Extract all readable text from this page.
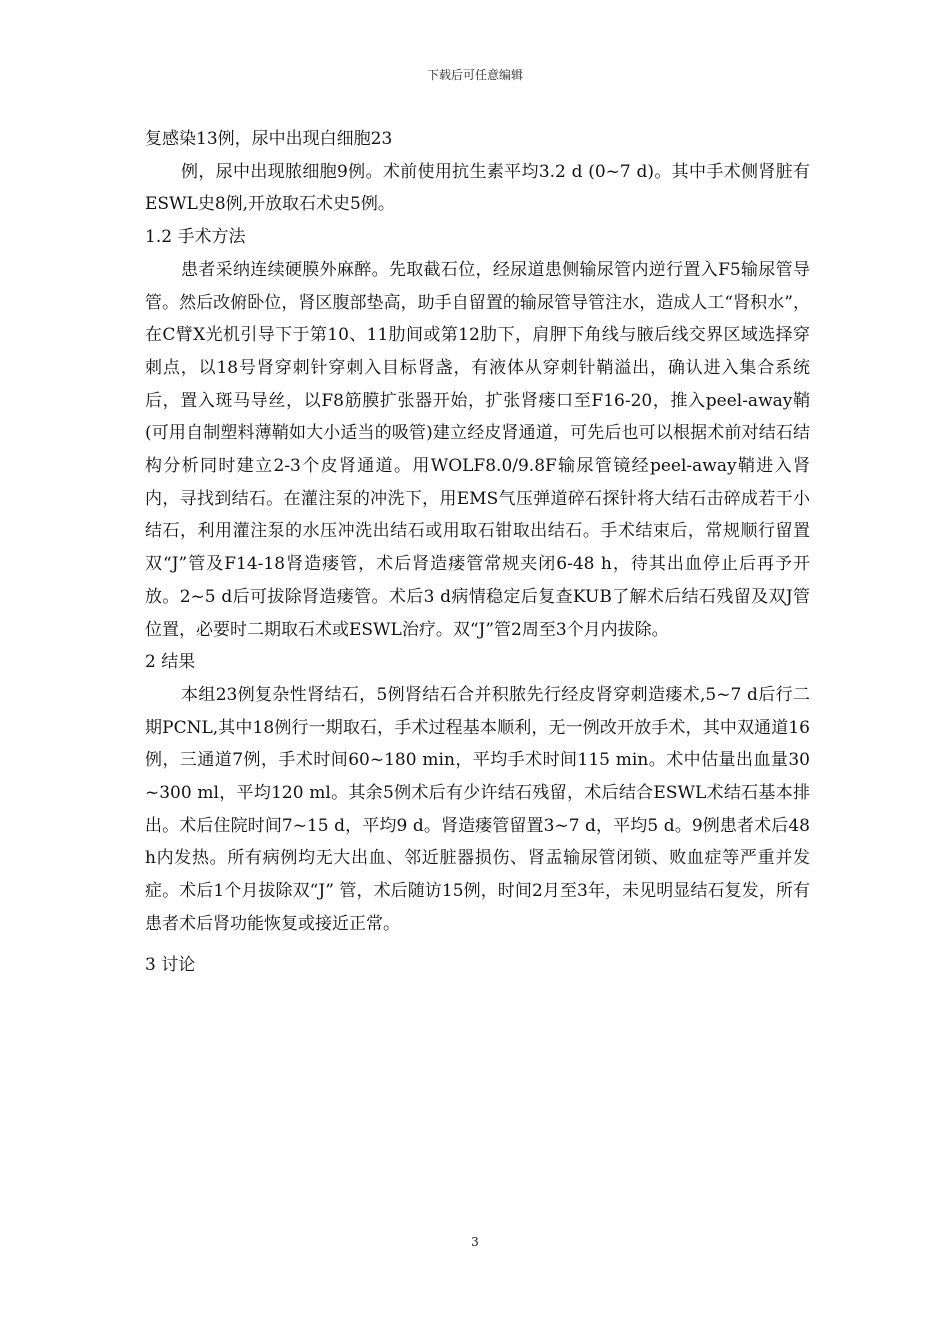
下载后可任意编辑

复感染13例，尿中出现白细胞23

例，尿中出现脓细胞9例。术前使用抗生素平均3.2 d (0~7 d)。其中手术侧肾脏有ESWL史8例,开放取石术史5例。

1.2 手术方法

患者采纳连续硬膜外麻醉。先取截石位，经尿道患侧输尿管内逆行置入F5输尿管导管。然后改俯卧位，肾区腹部垫高，助手自留置的输尿管导管注水，造成人工“肾积水”，在C臂X光机引导下于第10、11肋间或第12肋下，肩胛下角线与腋后线交界区域选择穿刺点，以18号肾穿刺针穿刺入目标肾盏，有液体从穿刺针鞘溢出，确认进入集合系统后，置入斑马导丝，以F8筋膜扩张器开始，扩张肾瘘口至F16-20，推入peel-away鞘(可用自制塑料薄鞘如大小适当的吸管)建立经皮肾通道，可先后也可以根据术前对结石结构分析同时建立2-3个皮肾通道。用WOLF8.0/9.8F输尿管镜经peel-away鞘进入肾内，寻找到结石。在灌注泵的冲洗下，用EMS气压弹道碎石探针将大结石击碎成若干小结石，利用灌注泵的水压冲洗出结石或用取石钳取出结石。手术结束后，常规顺行留置双“J”管及F14-18肾造瘘管，术后肾造瘘管常规夹闭6-48 h，待其出血停止后再予开放。2~5 d后可拔除肾造瘘管。术后3 d病情稳定后复查KUB了解术后结石残留及双J管位置，必要时二期取石术或ESWL治疗。双“J”管2周至3个月内拔除。

2 结果

本组23例复杂性肾结石，5例肾结石合并积脓先行经皮肾穿刺造瘘术,5~7 d后行二期PCNL,其中18例行一期取石，手术过程基本顺利，无一例改开放手术，其中双通道16例，三通道7例，手术时间60~180 min，平均手术时间115 min。术中估量出血量30~300 ml，平均120 ml。其余5例术后有少许结石残留，术后结合ESWL术结石基本排出。术后住院时间7~15 d，平均9 d。肾造瘘管留置3~7 d，平均5 d。9例患者术后48 h内发热。所有病例均无大出血、邻近脏器损伤、肾盂输尿管闭锁、败血症等严重并发症。术后1个月拔除双“J” 管，术后随访15例，时间2月至3年，未见明显结石复发，所有患者术后肾功能恢复或接近正常。

3 讨论

3
